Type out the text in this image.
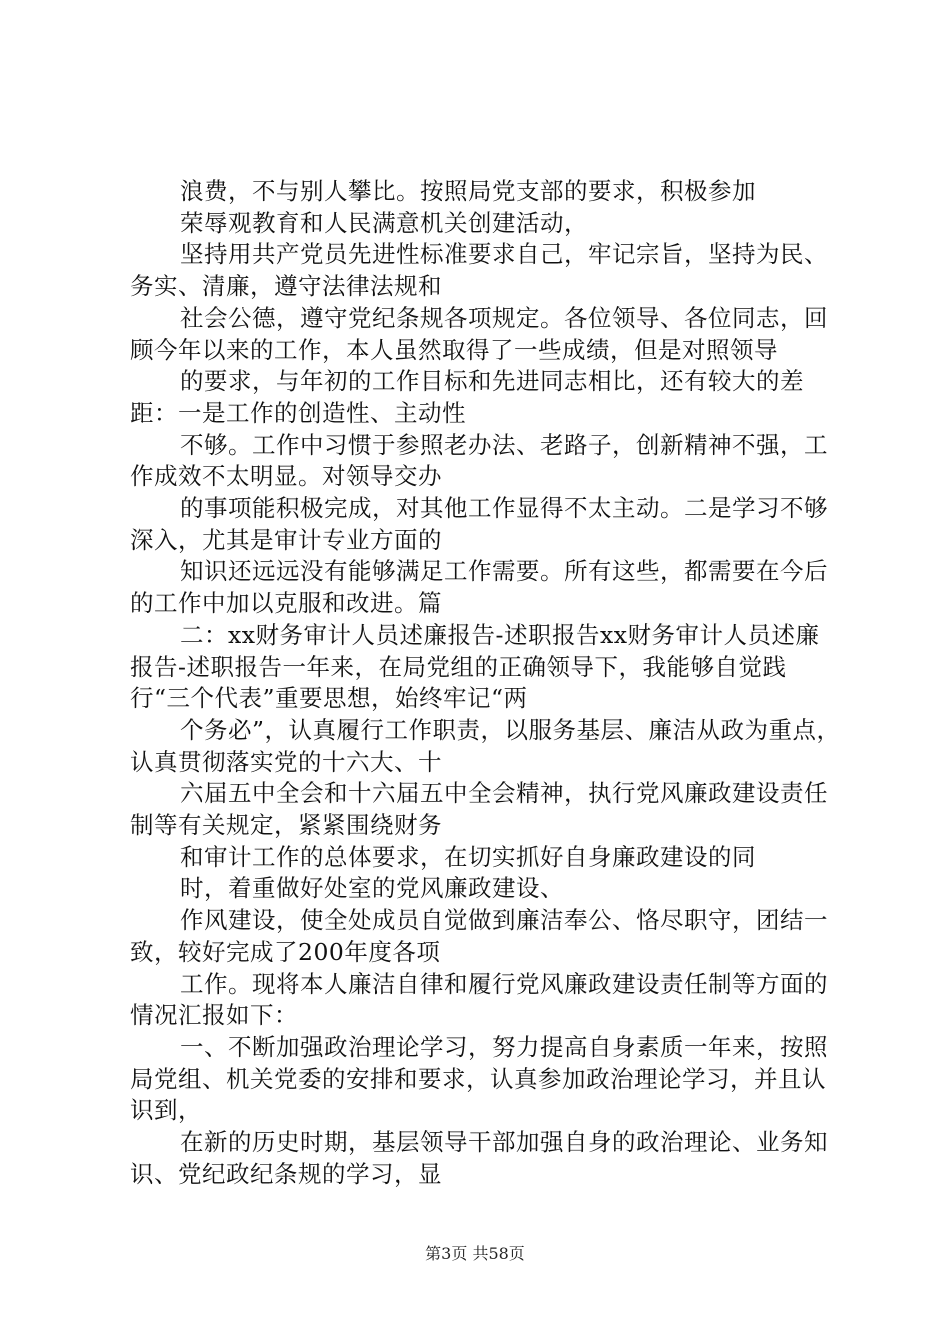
浪费，不与别人攀比。按照局党支部的要求，积极参加

荣辱观教育和人民满意机关创建活动，

坚持用共产党员先进性标准要求自己，牢记宗旨，坚持为民、务实、清廉，遵守法律法规和

社会公德，遵守党纪条规各项规定。各位领导、各位同志，回顾今年以来的工作，本人虽然取得了一些成绩，但是对照领导

的要求，与年初的工作目标和先进同志相比，还有较大的差距：一是工作的创造性、主动性

不够。工作中习惯于参照老办法、老路子，创新精神不强，工作成效不太明显。对领导交办

的事项能积极完成，对其他工作显得不太主动。二是学习不够深入，尤其是审计专业方面的

知识还远远没有能够满足工作需要。所有这些，都需要在今后的工作中加以克服和改进。篇

二：xx财务审计人员述廉报告-述职报告xx财务审计人员述廉报告-述职报告一年来，在局党组的正确领导下，我能够自觉践行“三个代表”重要思想，始终牢记“两

个务必”，认真履行工作职责，以服务基层、廉洁从政为重点，认真贯彻落实党的十六大、十

六届五中全会和十六届五中全会精神，执行党风廉政建设责任制等有关规定，紧紧围绕财务

和审计工作的总体要求，在切实抓好自身廉政建设的同

时，着重做好处室的党风廉政建设、

作风建设，使全处成员自觉做到廉洁奉公、恪尽职守，团结一致，较好完成了200年度各项

工作。现将本人廉洁自律和履行党风廉政建设责任制等方面的情况汇报如下：

一、不断加强政治理论学习，努力提高自身素质一年来，按照局党组、机关党委的安排和要求，认真参加政治理论学习，并且认识到，

在新的历史时期，基层领导干部加强自身的政治理论、业务知识、党纪政纪条规的学习，显

第3页 共58页
